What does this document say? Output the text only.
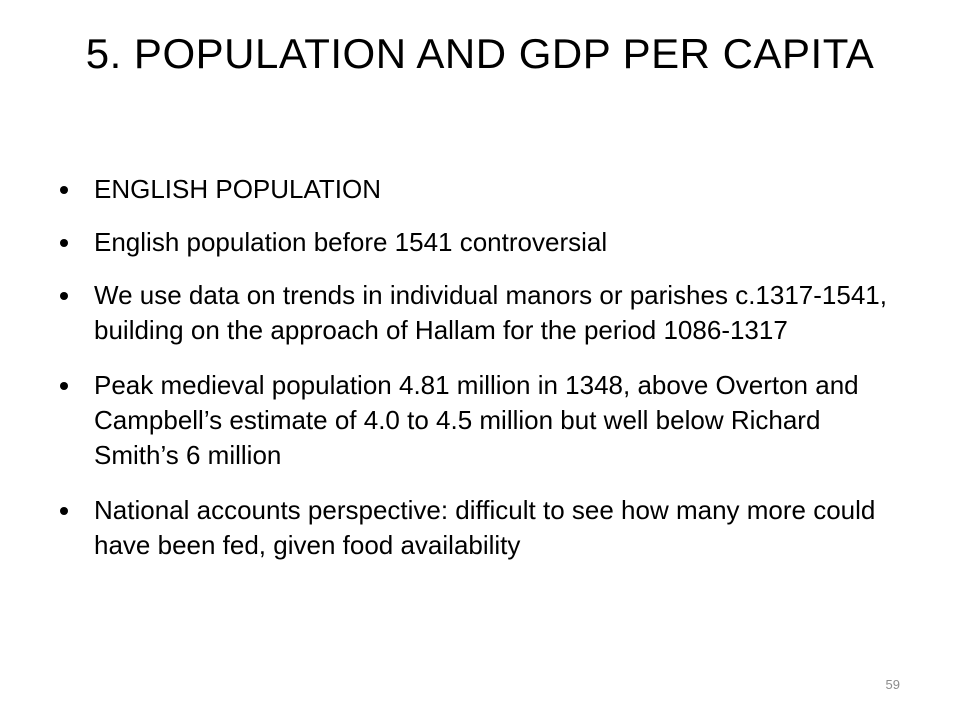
5. POPULATION AND GDP PER CAPITA
ENGLISH POPULATION
English population before 1541 controversial
We use data on trends in individual manors or parishes c.1317-1541, building on the approach of Hallam for the period 1086-1317
Peak medieval population 4.81 million in 1348, above Overton and Campbell’s estimate of 4.0 to 4.5 million but well below Richard Smith’s 6 million
National accounts perspective: difficult to see how many more could have been fed, given food availability
59
